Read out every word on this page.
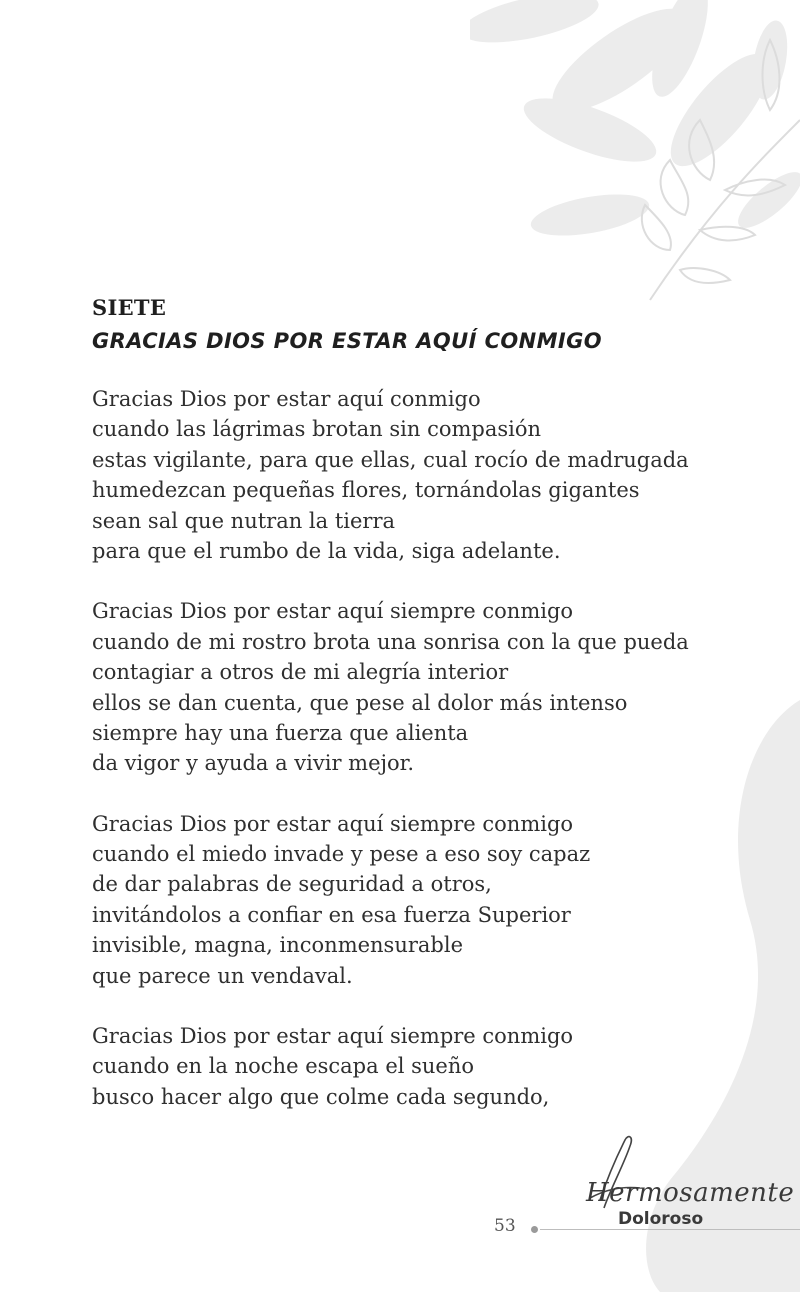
SIETE
GRACIAS DIOS POR ESTAR AQUÍ CONMIGO
Gracias Dios por estar aquí conmigo
cuando las lágrimas brotan sin compasión
estas vigilante, para que ellas, cual rocío de madrugada
humedezcan pequeñas flores, tornándolas gigantes
sean sal que nutran la tierra
para que el rumbo de la vida, siga adelante.
Gracias Dios por estar aquí siempre conmigo
cuando de mi rostro brota una sonrisa con la que pueda
contagiar a otros de mi alegría interior
ellos se dan cuenta, que pese al dolor más intenso
siempre hay una fuerza que alienta
da vigor y ayuda a vivir mejor.
Gracias Dios por estar aquí siempre conmigo
cuando el miedo invade y pese a eso soy capaz
de dar palabras de seguridad a otros,
invitándolos a confiar en esa fuerza Superior
invisible, magna, inconmensurable
que parece un vendaval.
Gracias Dios por estar aquí siempre conmigo
cuando en la noche escapa el sueño
busco hacer algo que colme cada segundo,
Hermosamente
Doloroso
53
